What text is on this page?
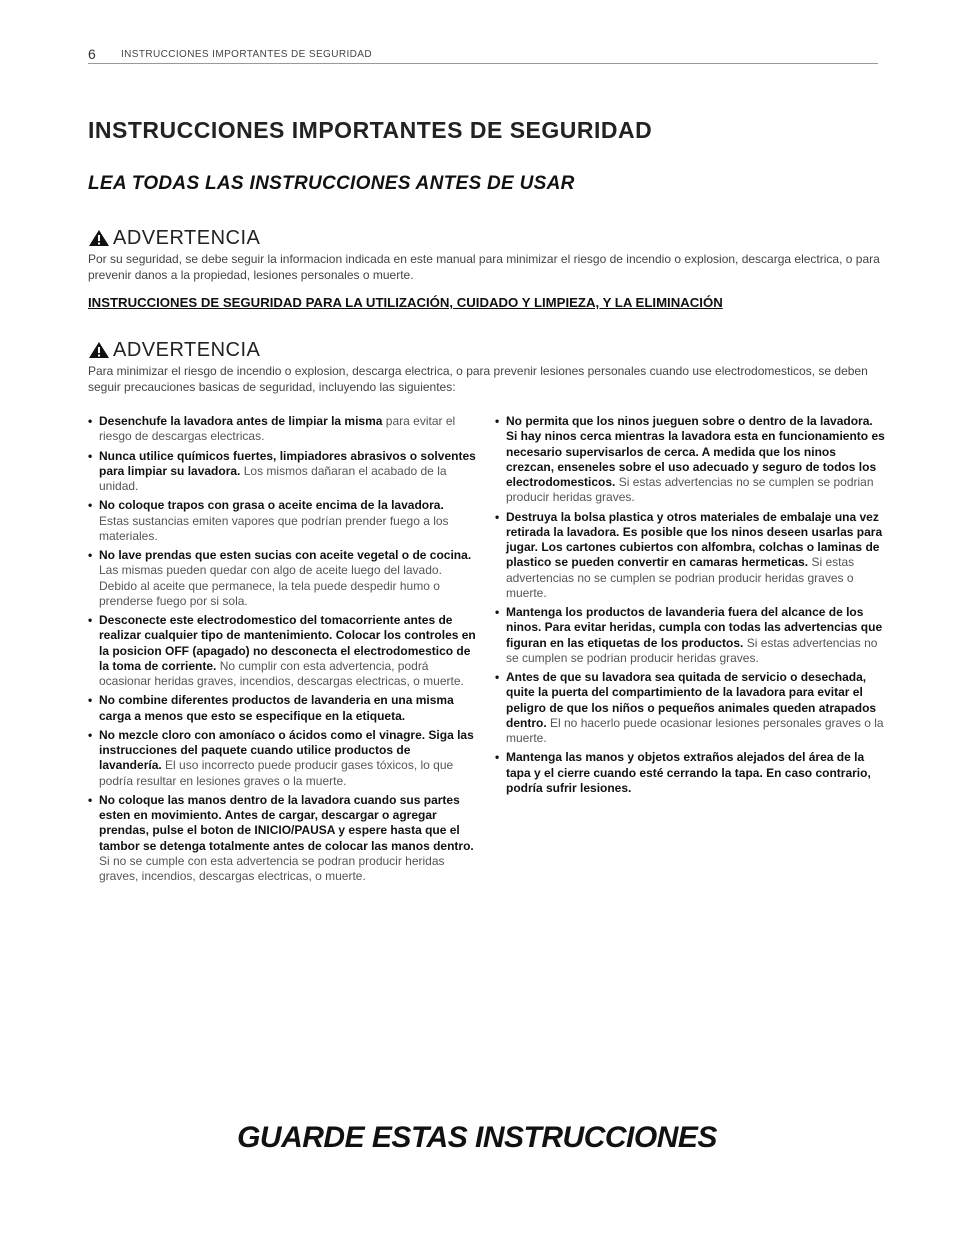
6	INSTRUCCIONES IMPORTANTES DE SEGURIDAD
INSTRUCCIONES IMPORTANTES DE SEGURIDAD
LEA TODAS LAS INSTRUCCIONES ANTES DE USAR
ADVERTENCIA
Por su seguridad, se debe seguir la informacion indicada en este manual para minimizar el riesgo de incendio o explosion, descarga electrica, o para prevenir danos a la propiedad, lesiones personales o muerte.
INSTRUCCIONES DE SEGURIDAD PARA LA UTILIZACIÓN, CUIDADO Y LIMPIEZA, Y LA ELIMINACIÓN
ADVERTENCIA
Para minimizar el riesgo de incendio o explosion, descarga electrica, o para prevenir lesiones personales cuando use electrodomesticos, se deben seguir precauciones basicas de seguridad, incluyendo las siguientes:
• Desenchufe la lavadora antes de limpiar la misma para evitar el riesgo de descargas electricas.
• Nunca utilice químicos fuertes, limpiadores abrasivos o solventes para limpiar su lavadora. Los mismos dañaran el acabado de la unidad.
• No coloque trapos con grasa o aceite encima de la lavadora. Estas sustancias emiten vapores que podrían prender fuego a los materiales.
• No lave prendas que esten sucias con aceite vegetal o de cocina. Las mismas pueden quedar con algo de aceite luego del lavado. Debido al aceite que permanece, la tela puede despedir humo o prenderse fuego por si sola.
• Desconecte este electrodomestico del tomacorriente antes de realizar cualquier tipo de mantenimiento. Colocar los controles en la posicion OFF (apagado) no desconecta el electrodomestico de la toma de corriente. No cumplir con esta advertencia, podrá ocasionar heridas graves, incendios, descargas electricas, o muerte.
• No combine diferentes productos de lavanderia en una misma carga a menos que esto se especifique en la etiqueta.
• No mezcle cloro con amoníaco o ácidos como el vinagre. Siga las instrucciones del paquete cuando utilice productos de lavandería. El uso incorrecto puede producir gases tóxicos, lo que podría resultar en lesiones graves o la muerte.
• No coloque las manos dentro de la lavadora cuando sus partes esten en movimiento. Antes de cargar, descargar o agregar prendas, pulse el boton de INICIO/PAUSA y espere hasta que el tambor se detenga totalmente antes de colocar las manos dentro. Si no se cumple con esta advertencia se podran producir heridas graves, incendios, descargas electricas, o muerte.
• No permita que los ninos jueguen sobre o dentro de la lavadora. Si hay ninos cerca mientras la lavadora esta en funcionamiento es necesario supervisarlos de cerca. A medida que los ninos crezcan, enseneles sobre el uso adecuado y seguro de todos los electrodomesticos. Si estas advertencias no se cumplen se podrian producir heridas graves.
• Destruya la bolsa plastica y otros materiales de embalaje una vez retirada la lavadora. Es posible que los ninos deseen usarlas para jugar. Los cartones cubiertos con alfombra, colchas o laminas de plastico se pueden convertir en camaras hermeticas. Si estas advertencias no se cumplen se podrian producir heridas graves o muerte.
• Mantenga los productos de lavanderia fuera del alcance de los ninos. Para evitar heridas, cumpla con todas las advertencias que figuran en las etiquetas de los productos. Si estas advertencias no se cumplen se podrian producir heridas graves.
• Antes de que su lavadora sea quitada de servicio o desechada, quite la puerta del compartimiento de la lavadora para evitar el peligro de que los niños o pequeños animales queden atrapados dentro. El no hacerlo puede ocasionar lesiones personales graves o la muerte.
• Mantenga las manos y objetos extraños alejados del área de la tapa y el cierre cuando esté cerrando la tapa. En caso contrario, podría sufrir lesiones.
GUARDE ESTAS INSTRUCCIONES
